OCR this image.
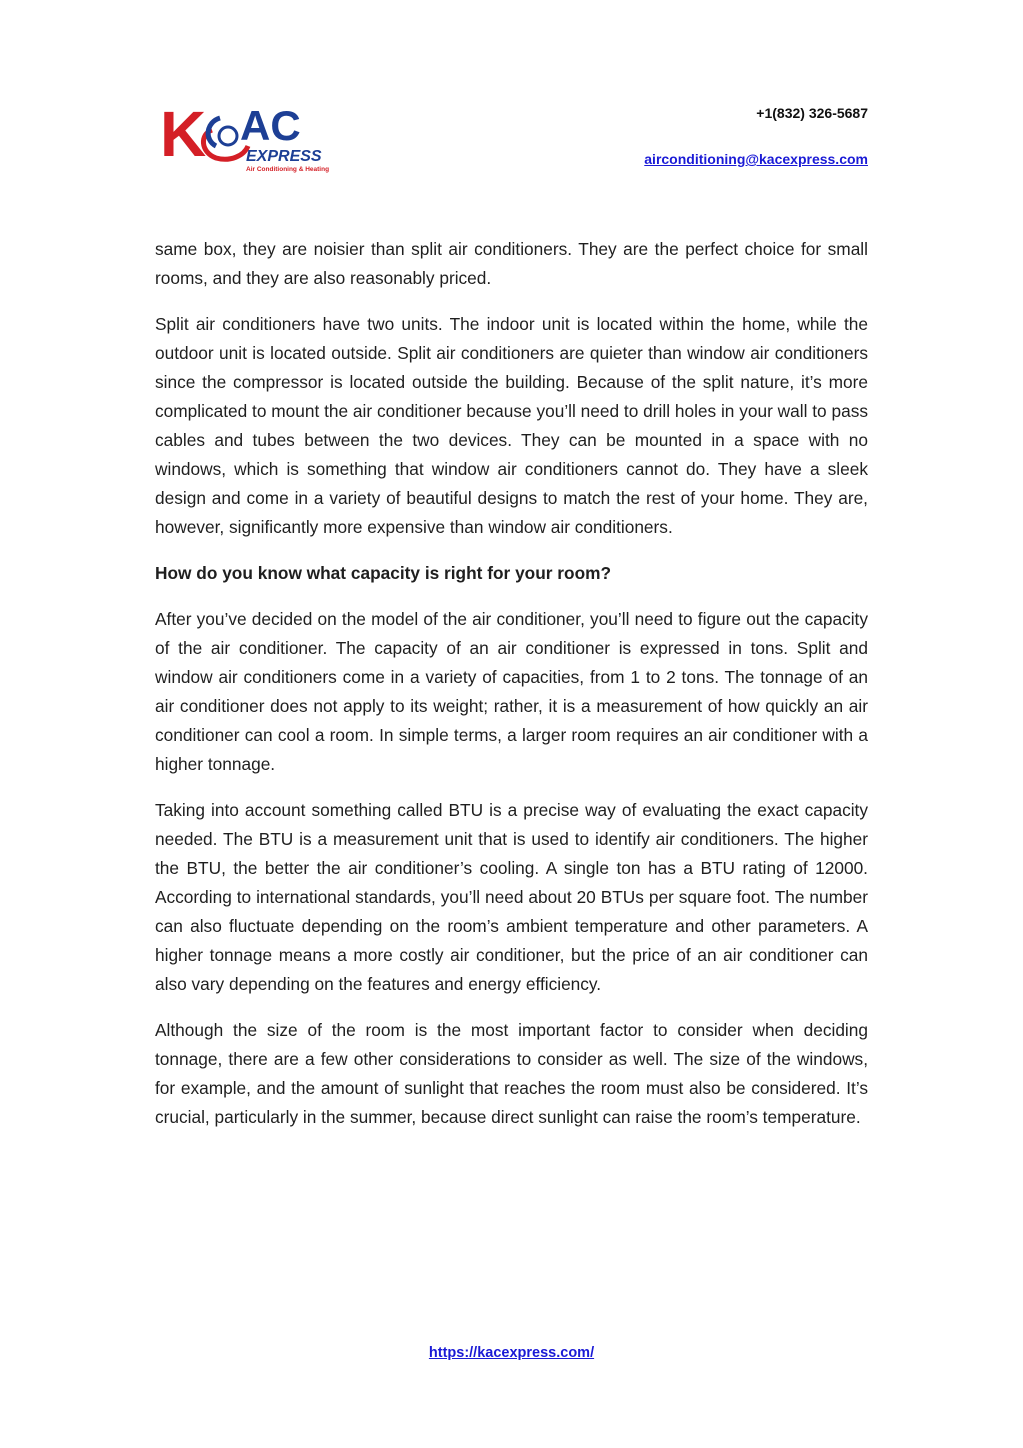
K AC
EXPRESS
Air Conditioning & Heating
+1(832) 326-5687
airconditioning@kacexpress.com

same box, they are noisier than split air conditioners. They are the perfect choice for small rooms, and they are also reasonably priced.

Split air conditioners have two units. The indoor unit is located within the home, while the outdoor unit is located outside. Split air conditioners are quieter than window air conditioners since the compressor is located outside the building. Because of the split nature, it’s more complicated to mount the air conditioner because you’ll need to drill holes in your wall to pass cables and tubes between the two devices. They can be mounted in a space with no windows, which is something that window air conditioners cannot do. They have a sleek design and come in a variety of beautiful designs to match the rest of your home. They are, however, significantly more expensive than window air conditioners.

How do you know what capacity is right for your room?

After you’ve decided on the model of the air conditioner, you’ll need to figure out the capacity of the air conditioner. The capacity of an air conditioner is expressed in tons. Split and window air conditioners come in a variety of capacities, from 1 to 2 tons. The tonnage of an air conditioner does not apply to its weight; rather, it is a measurement of how quickly an air conditioner can cool a room. In simple terms, a larger room requires an air conditioner with a higher tonnage.

Taking into account something called BTU is a precise way of evaluating the exact capacity needed. The BTU is a measurement unit that is used to identify air conditioners. The higher the BTU, the better the air conditioner’s cooling. A single ton has a BTU rating of 12000. According to international standards, you’ll need about 20 BTUs per square foot. The number can also fluctuate depending on the room’s ambient temperature and other parameters. A higher tonnage means a more costly air conditioner, but the price of an air conditioner can also vary depending on the features and energy efficiency.

Although the size of the room is the most important factor to consider when deciding tonnage, there are a few other considerations to consider as well. The size of the windows, for example, and the amount of sunlight that reaches the room must also be considered. It’s crucial, particularly in the summer, because direct sunlight can raise the room’s temperature.

https://kacexpress.com/
